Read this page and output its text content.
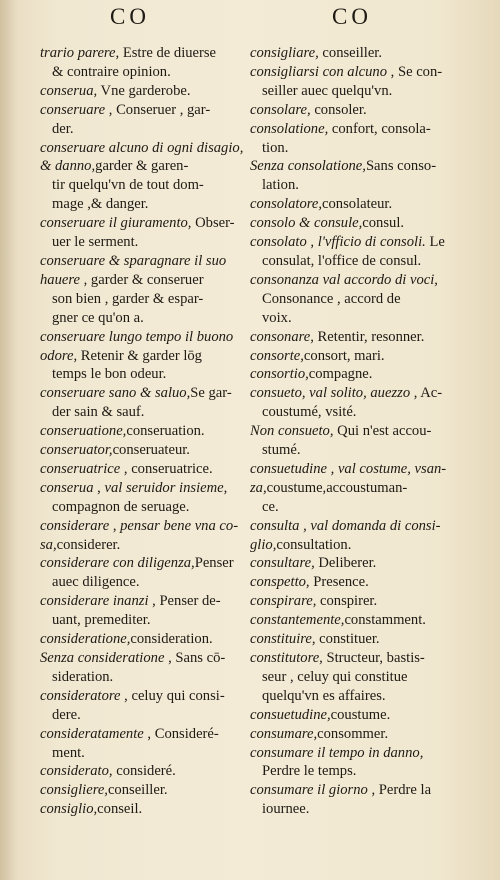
CO	CO
trario parere, Estre de diuerse
& contraire opinion.
conserua, Vne garderobe.
conseruare , Conseruer , gar-
der.
conseruare alcuno di ogni disagio,
& danno,garder & garen-
tir quelqu'vn de tout dom-
mage ,& danger.
conseruare il giuramento, Obser-
uer le serment.
conseruare & sparagnare il suo
hauere , garder & conseruer
son bien , garder & espar-
gner ce qu'on a.
conseruare lungo tempo il buono
odore, Retenir & garder lōg
temps le bon odeur.
conseruare sano & saluo,Se gar-
der sain & sauf.
conseruatione,conseruation.
conseruator,conseruateur.
conseruatrice , conseruatrice.
conserua , val seruidor insieme,
compagnon de seruage.
considerare , pensar bene vna co-
sa,considerer.
considerare con diligenza,Penser
auec diligence.
considerare inanzi , Penser de-
uant, premediter.
consideratione,consideration.
Senza consideratione , Sans cō-
sideration.
consideratore , celuy qui consi-
dere.
consideratamente , Consideré-
ment.
considerato, consideré.
consigliere,conseiller.
consiglio,conseil.
consigliare, conseiller.
consigliarsi con alcuno , Se con-
seiller auec quelqu'vn.
consolare, consoler.
consolatione, confort, consola-
tion.
Senza consolatione,Sans conso-
lation.
consolatore,consolateur.
consolo & consule,consul.
consolato , l'vfficio di consoli. Le
consulat, l'office de consul.
consonanza val accordo di voci,
Consonance , accord de
voix.
consonare, Retentir, resonner.
consorte,consort, mari.
consortio,compagne.
consueto, val solito, auezzo , Ac-
coustumé, vsité.
Non consueto, Qui n'est accou-
stumé.
consuetudine , val costume, vsan-
za,coustume,accoustuman-
ce.
consulta , val domanda di consi-
glio,consultation.
consultare, Deliberer.
conspetto, Presence.
conspirare, conspirer.
constantemente,constamment.
constituire, constituer.
constitutore, Structeur, bastis-
seur , celuy qui constitue
quelqu'vn es affaires.
consuetudine,coustume.
consumare,consommer.
consumare il tempo in danno,
Perdre le temps.
consumare il giorno , Perdre la
iournee.
